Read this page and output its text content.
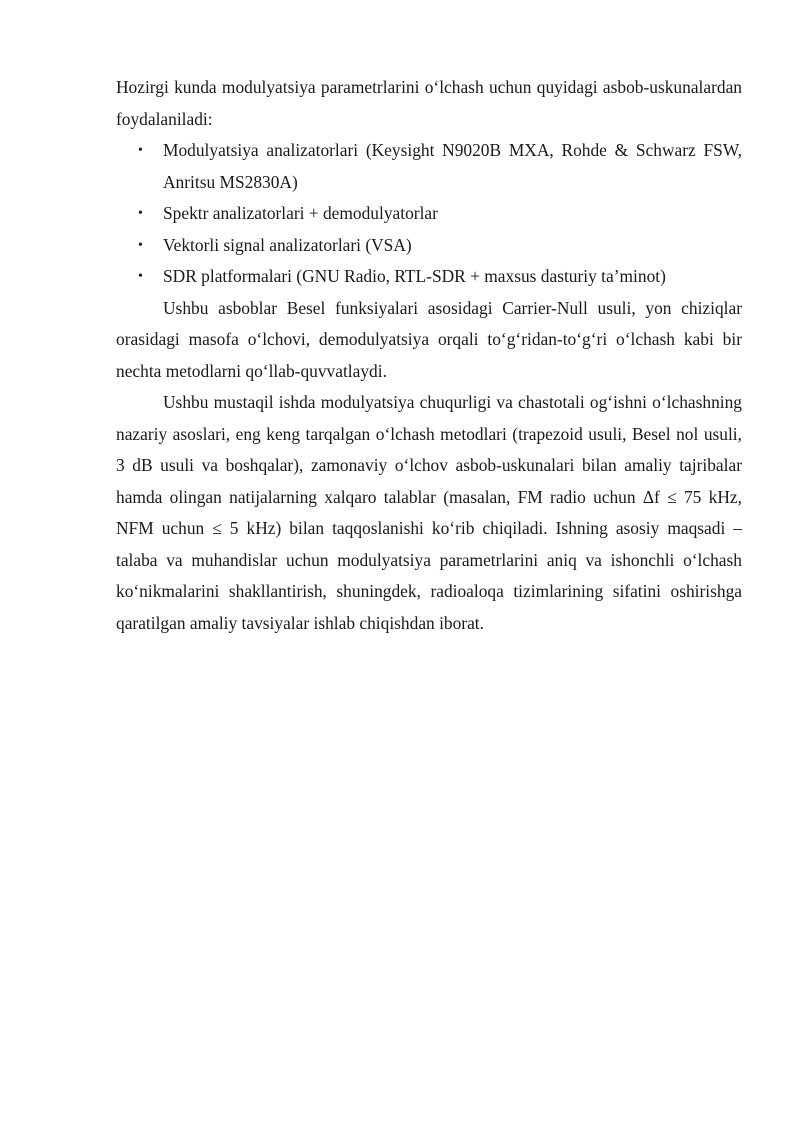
Hozirgi kunda modulyatsiya parametrlarini oʻlchash uchun quyidagi asbob-uskunalardan foydalaniladi:

• Modulyatsiya analizatorlari (Keysight N9020B MXA, Rohde & Schwarz FSW, Anritsu MS2830A)
• Spektr analizatorlari + demodulyatorlar
• Vektorli signal analizatorlari (VSA)
• SDR platformalari (GNU Radio, RTL-SDR + maxsus dasturiy taʼminot)

Ushbu asboblar Besel funksiyalari asosidagi Carrier-Null usuli, yon chiziqlar orasidagi masofa oʻlchovi, demodulyatsiya orqali toʻgʻridan-toʻgʻri oʻlchash kabi bir nechta metodlarni qoʻllab-quvvatlaydi.

Ushbu mustaqil ishda modulyatsiya chuqurligi va chastotali ogʻishni oʻlchashning nazariy asoslari, eng keng tarqalgan oʻlchash metodlari (trapezoid usuli, Besel nol usuli, 3 dB usuli va boshqalar), zamonaviy oʻlchov asbob-uskunalari bilan amaliy tajribalar hamda olingan natijalarning xalqaro talablar (masalan, FM radio uchun Δf ≤ 75 kHz, NFM uchun ≤ 5 kHz) bilan taqqoslanishi koʻrib chiqiladi. Ishning asosiy maqsadi – talaba va muhandislar uchun modulyatsiya parametrlarini aniq va ishonchli oʻlchash koʻnikmalarini shakllantirish, shuningdek, radioaloqa tizimlarining sifatini oshirishga qaratilgan amaliy tavsiyalar ishlab chiqishdan iborat.
